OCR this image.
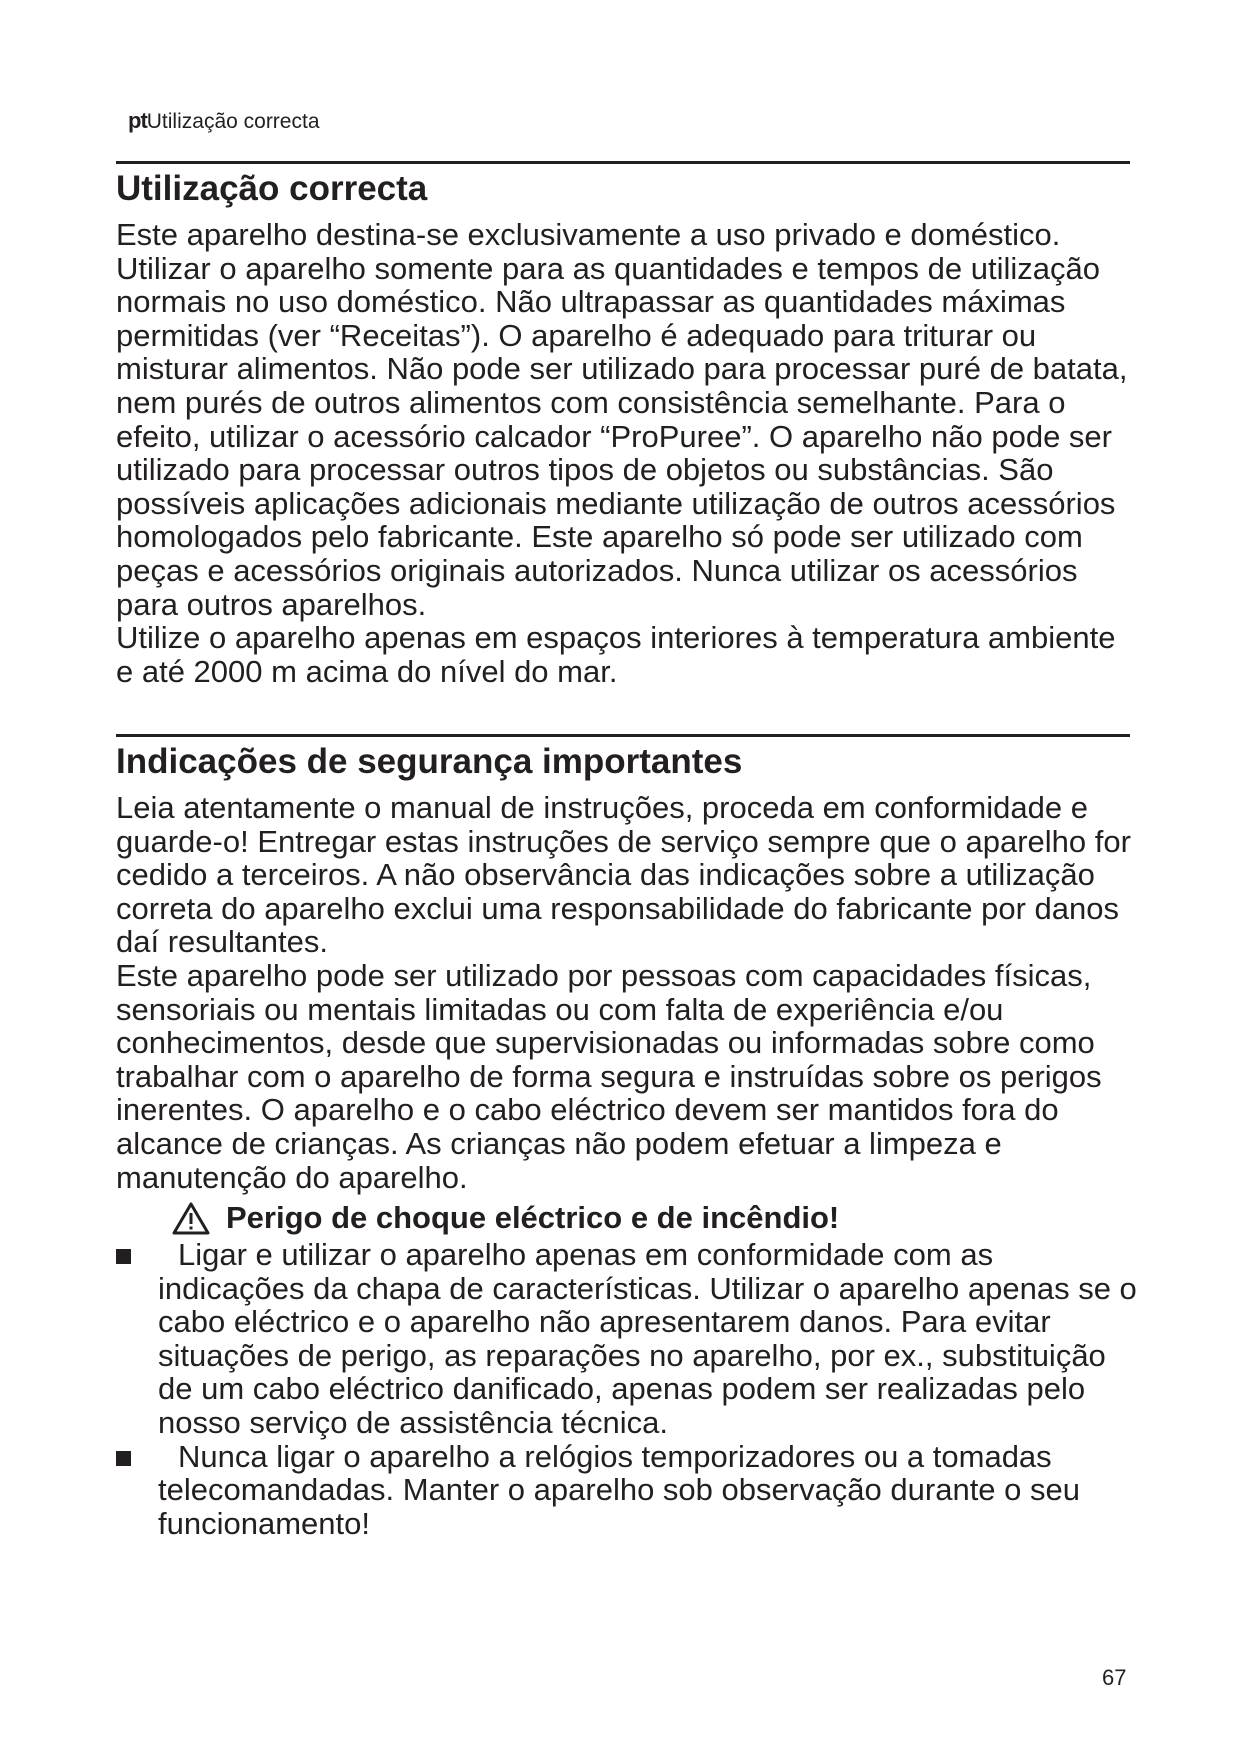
ptUtilização correcta
Utilização correcta

Este aparelho destina-se exclusivamente a uso privado e doméstico. Utilizar o aparelho somente para as quantidades e tempos de utilização normais no uso doméstico. Não ultrapassar as quantidades máximas permitidas (ver “Receitas”). O aparelho é adequado para triturar ou misturar alimentos. Não pode ser utilizado para processar puré de batata, nem purés de outros alimentos com consistência semelhante. Para o efeito, utilizar o acessório calcador “ProPuree”. O aparelho não pode ser utilizado para processar outros tipos de objetos ou substâncias. São possíveis aplicações adicionais mediante utilização de outros acessórios homologados pelo fabricante. Este aparelho só pode ser utilizado com peças e acessórios originais autorizados. Nunca utilizar os acessórios para outros aparelhos.

Utilize o aparelho apenas em espaços interiores à temperatura ambiente e até 2000 m acima do nível do mar.

Indicações de segurança importantes

Leia atentamente o manual de instruções, proceda em conformidade e guarde-o! Entregar estas instruções de serviço sempre que o aparelho for cedido a terceiros. A não observância das indicações sobre a utilização correta do aparelho exclui uma responsabilidade do fabricante por danos daí resultantes.

Este aparelho pode ser utilizado por pessoas com capacidades físicas, sensoriais ou mentais limitadas ou com falta de experiência e/ou conhecimentos, desde que supervisionadas ou informadas sobre como trabalhar com o aparelho de forma segura e instruídas sobre os perigos inerentes. O aparelho e o cabo eléctrico devem ser mantidos fora do alcance de crianças. As crianças não podem efetuar a limpeza e manutenção do aparelho.

Perigo de choque eléctrico e de incêndio!
Ligar e utilizar o aparelho apenas em conformidade com as indicações da chapa de características. Utilizar o aparelho apenas se o cabo eléctrico e o aparelho não apresentarem danos. Para evitar situações de perigo, as reparações no aparelho, por ex., substituição de um cabo eléctrico danificado, apenas podem ser realizadas pelo nosso serviço de assistência técnica.
Nunca ligar o aparelho a relógios temporizadores ou a tomadas telecomandadas. Manter o aparelho sob observação durante o seu funcionamento!
67
